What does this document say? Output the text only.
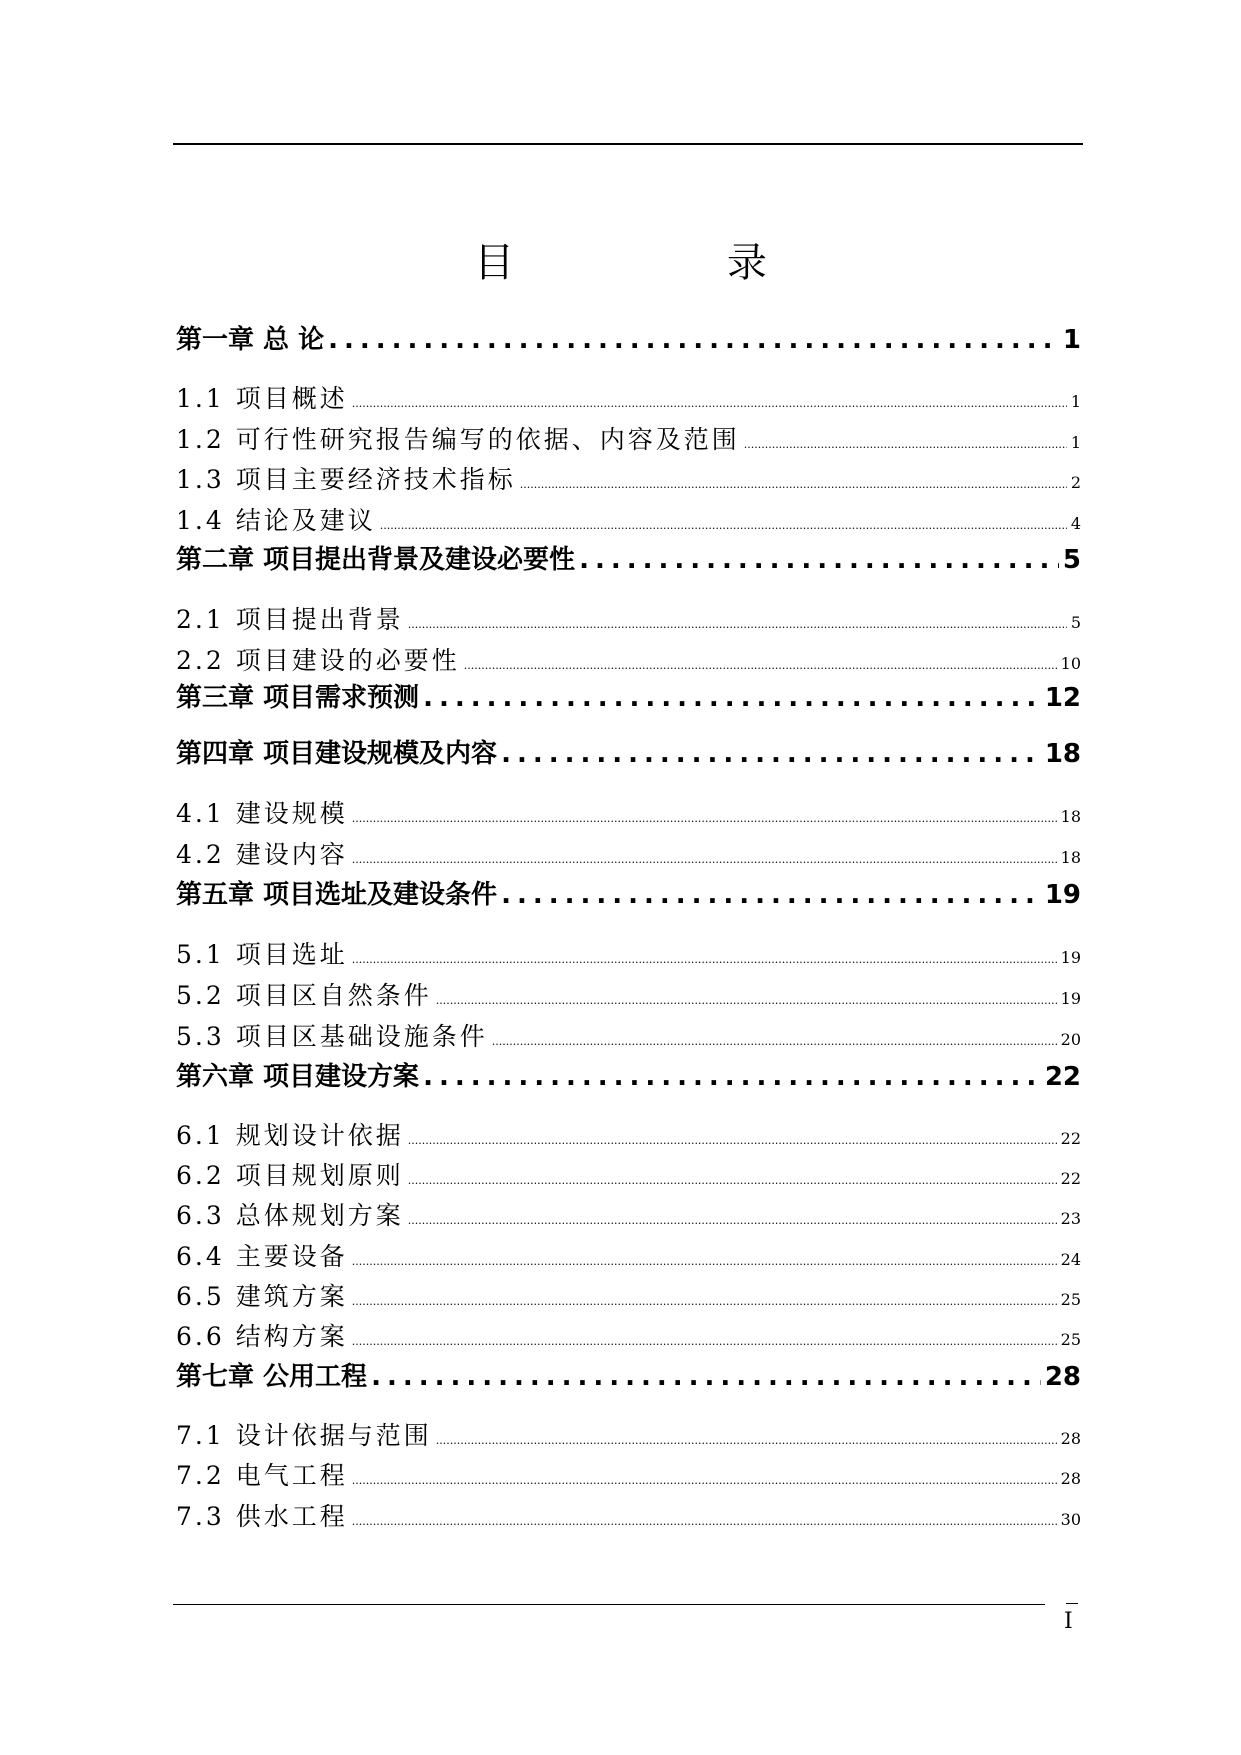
目 录
第一章 总 论 .....	1
1.1 项目概述 .....	1
1.2 可行性研究报告编写的依据、内容及范围 .....	1
1.3 项目主要经济技术指标 .....	2
1.4 结论及建议 .....	4
第二章 项目提出背景及建设必要性 .....	5
2.1 项目提出背景 .....	5
2.2 项目建设的必要性 .....	10
第三章 项目需求预测 .....	12
第四章 项目建设规模及内容 .....	18
4.1 建设规模 .....	18
4.2 建设内容 .....	18
第五章 项目选址及建设条件 .....	19
5.1 项目选址 .....	19
5.2 项目区自然条件 .....	19
5.3 项目区基础设施条件 .....	20
第六章 项目建设方案 .....	22
6.1 规划设计依据 .....	22
6.2 项目规划原则 .....	22
6.3 总体规划方案 .....	23
6.4 主要设备 .....	24
6.5 建筑方案 .....	25
6.6 结构方案 .....	25
第七章 公用工程 .....	28
7.1 设计依据与范围 .....	28
7.2 电气工程 .....	28
7.3 供水工程 .....	30
I
